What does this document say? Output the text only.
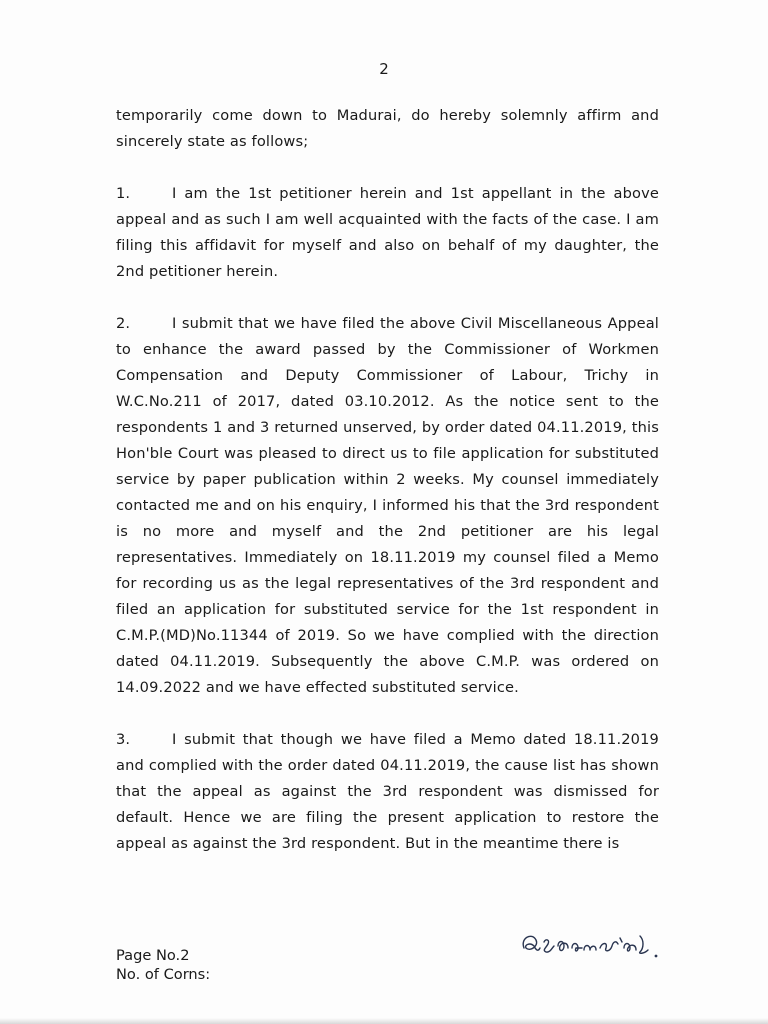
2

temporarily come down to Madurai, do hereby solemnly affirm and sincerely state as follows;

1.	I am the 1st petitioner herein and 1st appellant in the above appeal and as such I am well acquainted with the facts of the case. I am filing this affidavit for myself and also on behalf of my daughter, the 2nd petitioner herein.

2.	I submit that we have filed the above Civil Miscellaneous Appeal to enhance the award passed by the Commissioner of Workmen Compensation and Deputy Commissioner of Labour, Trichy in W.C.No.211 of 2017, dated 03.10.2012. As the notice sent to the respondents 1 and 3 returned unserved, by order dated 04.11.2019, this Hon'ble Court was pleased to direct us to file application for substituted service by paper publication within 2 weeks. My counsel immediately contacted me and on his enquiry, I informed his that the 3rd respondent is no more and myself and the 2nd petitioner are his legal representatives. Immediately on 18.11.2019 my counsel filed a Memo for recording us as the legal representatives of the 3rd respondent and filed an application for substituted service for the 1st respondent in C.M.P.(MD)No.11344 of 2019. So we have complied with the direction dated 04.11.2019. Subsequently the above C.M.P. was ordered on 14.09.2022 and we have effected substituted service.

3.	I submit that though we have filed a Memo dated 18.11.2019 and complied with the order dated 04.11.2019, the cause list has shown that the appeal as against the 3rd respondent was dismissed for default. Hence we are filing the present application to restore the appeal as against the 3rd respondent. But in the meantime there is

Page No.2
No. of Corns:
